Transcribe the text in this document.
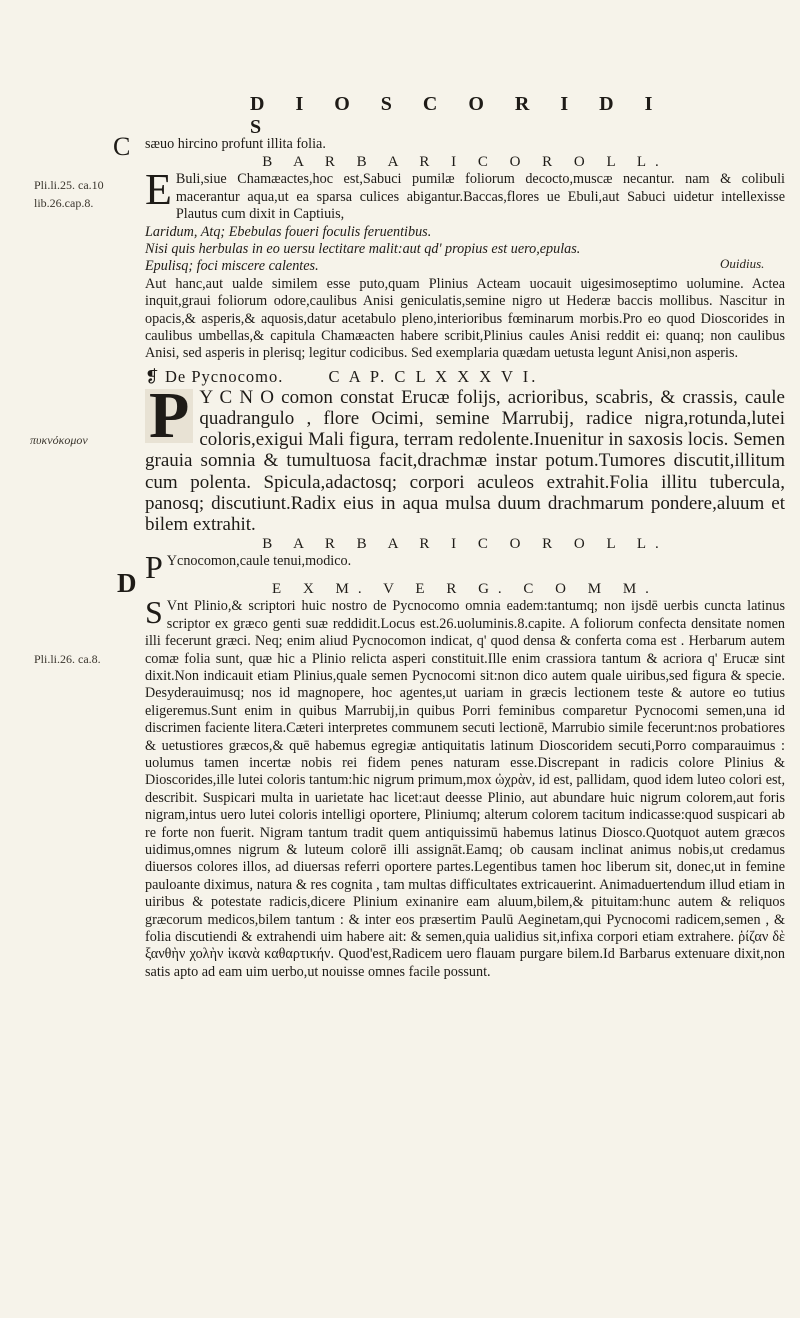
D I O S C O R I D I S
C
Pli.li.25. ca.10
lib.26.cap.8.
πυκνόκομον
Pli.li.26. ca.8.
Ouidius.
D

sæuo hircino profunt illita folia.

B A R B A R I C O R O L L.

E Buli,siue Chamæactes,hoc est,Sabuci pumilæ foliorum decocto,muscæ necantur. nam & colibuli macerantur aqua,ut ea sparsa culices abigantur.Baccas,flores ue Ebuli,aut Sabuci uidetur intellexisse Plautus cum dixit in Captiuis,

Laridum, Atq; Ebebulas foueri foculis feruentibus.

Nisi quis herbulas in eo uersu lectitare malit:aut qd' propius est uero,epulas.

Epulisq; foci miscere calentes.

Aut hanc,aut ualde similem esse puto,quam Plinius Acteam uocauit uigesimoseptimo uolumine. Actea inquit,graui foliorum odore,caulibus Anisi geniculatis,semine nigro ut Hederæ baccis mollibus. Nascitur in opacis,& asperis,& aquosis,datur acetabulo pleno,interioribus fœminarum morbis.Pro eo quod Dioscorides in caulibus umbellas,& capitula Chamæacten habere scribit,Plinius caules Anisi reddit ei: quanq; non caulibus Anisi, sed asperis in plerisq; legitur codicibus. Sed exemplaria quædam uetusta legunt Anisi,non asperis.

❡ De Pycnocomo.	C A P. C L X X X V I.

P Y C N O comon constat Erucæ folijs, acrioribus, scabris, & crassis, caule quadrangulo , flore Ocimi, semine Marrubij, radice nigra,rotunda,lutei coloris,exigui Mali figura, terram redolente.Inuenitur in saxosis locis. Semen grauia somnia & tumultuosa facit,drachmæ instar potum.Tumores discutit,illitum cum polenta. Spicula,adactosq; corpori aculeos extrahit.Folia illitu tubercula, panosq; discutiunt.Radix eius in aqua mulsa duum drachmarum pondere,aluum et bilem extrahit.

B A R B A R I C O R O L L.

P Ycnocomon,caule tenui,modico.

E X M. V E R G. C O M M.

S Vnt Plinio,& scriptori huic nostro de Pycnocomo omnia eadem:tantumq; non ijsdē uerbis cuncta latinus scriptor ex græco genti suæ reddidit.Locus est.26.uoluminis.8.capite. A foliorum confecta densitate nomen illi fecerunt græci. Neq; enim aliud Pycnocomon indicat, q' quod densa & conferta coma est . Herbarum autem comæ folia sunt, quæ hic a Plinio relicta asperi constituit.Ille enim crassiora tantum & acriora q' Erucæ sint dixit.Non indicauit etiam Plinius,quale semen Pycnocomi sit:non dico autem quale uiribus,sed figura & specie. Desyderauimusq; nos id magnopere, hoc agentes,ut uariam in græcis lectionem teste & autore eo tutius eligeremus.Sunt enim in quibus Marrubij,in quibus Porri feminibus comparetur Pycnocomi semen,una id discrimen faciente litera.Cæteri interpretes communem secuti lectionē, Marrubio simile fecerunt:nos probatiores & uetustiores græcos,& quē habemus egregiæ antiquitatis latinum Dioscoridem secuti,Porro comparauimus : uolumus tamen incertæ nobis rei fidem penes naturam esse.Discrepant in radicis colore Plinius & Dioscorides,ille lutei coloris tantum:hic nigrum primum,mox ὠχρὰν, id est, pallidam, quod idem luteo colori est, describit. Suspicari multa in uarietate hac licet:aut deesse Plinio, aut abundare huic nigrum colorem,aut foris nigram,intus uero lutei coloris intelligi oportere, Pliniumq; alterum colorem tacitum indicasse:quod suspicari ab re forte non fuerit. Nigram tantum tradit quem antiquissimū habemus latinus Diosco.Quotquot autem græcos uidimus,omnes nigrum & luteum colorē illi assignāt.Eamq; ob causam inclinat animus nobis,ut credamus diuersos colores illos, ad diuersas referri oportere partes.Legentibus tamen hoc liberum sit, donec,ut in femine pauloante diximus, natura & res cognita , tam multas difficultates extricauerint. Animaduertendum illud etiam in uiribus & potestate radicis,dicere Plinium exinanire eam aluum,bilem,& pituitam:hunc autem & reliquos græcorum medicos,bilem tantum : & inter eos præsertim Paulū Aeginetam,qui Pycnocomi radicem,semen , & folia discutiendi & extrahendi uim habere ait: & semen,quia ualidius sit,infixa corpori etiam extrahere. ῥίζαν δὲ ξανθὴν χολὴν ἱκανὰ καθαρτικήν. Quod'est,Radicem uero flauam purgare bilem.Id Barbarus extenuare dixit,non satis apto ad eam uim uerbo,ut nouisse omnes facile possunt.
